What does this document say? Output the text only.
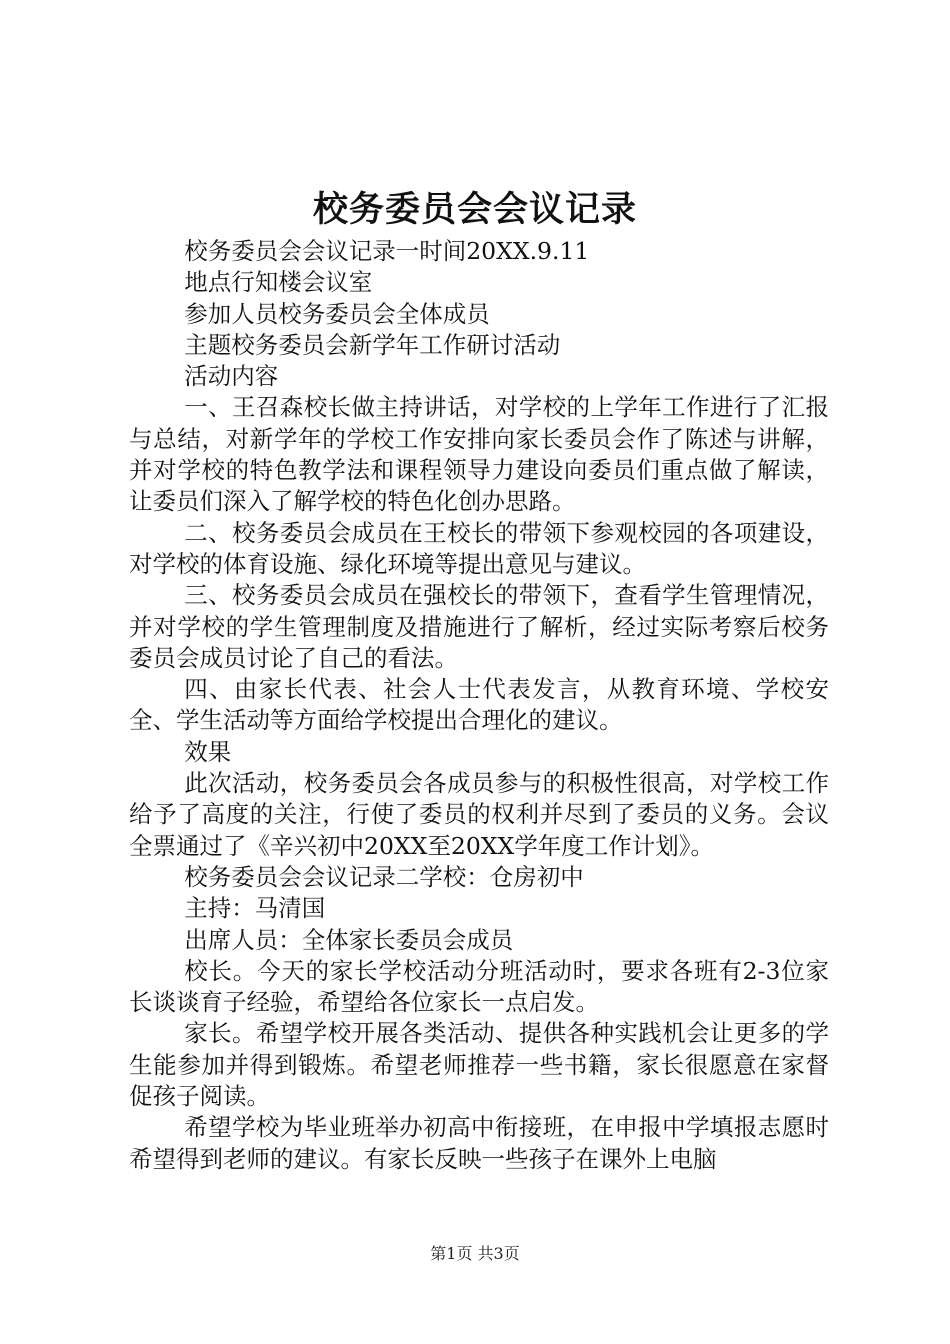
校务委员会会议记录

校务委员会会议记录一时间20XX.9.11

地点行知楼会议室

参加人员校务委员会全体成员

主题校务委员会新学年工作研讨活动

活动内容

一、王召森校长做主持讲话，对学校的上学年工作进行了汇报与总结，对新学年的学校工作安排向家长委员会作了陈述与讲解，并对学校的特色教学法和课程领导力建设向委员们重点做了解读，让委员们深入了解学校的特色化创办思路。

二、校务委员会成员在王校长的带领下参观校园的各项建设，对学校的体育设施、绿化环境等提出意见与建议。

三、校务委员会成员在强校长的带领下，查看学生管理情况，并对学校的学生管理制度及措施进行了解析，经过实际考察后校务委员会成员讨论了自己的看法。

四、由家长代表、社会人士代表发言，从教育环境、学校安全、学生活动等方面给学校提出合理化的建议。

效果

此次活动，校务委员会各成员参与的积极性很高，对学校工作给予了高度的关注，行使了委员的权利并尽到了委员的义务。会议全票通过了《辛兴初中20XX至20XX学年度工作计划》。

校务委员会会议记录二学校：仓房初中

主持：马清国

出席人员：全体家长委员会成员

校长。今天的家长学校活动分班活动时，要求各班有2-3位家长谈谈育子经验，希望给各位家长一点启发。

家长。希望学校开展各类活动、提供各种实践机会让更多的学生能参加并得到锻炼。希望老师推荐一些书籍，家长很愿意在家督促孩子阅读。

希望学校为毕业班举办初高中衔接班，在申报中学填报志愿时希望得到老师的建议。有家长反映一些孩子在课外上电脑

第1页 共3页
